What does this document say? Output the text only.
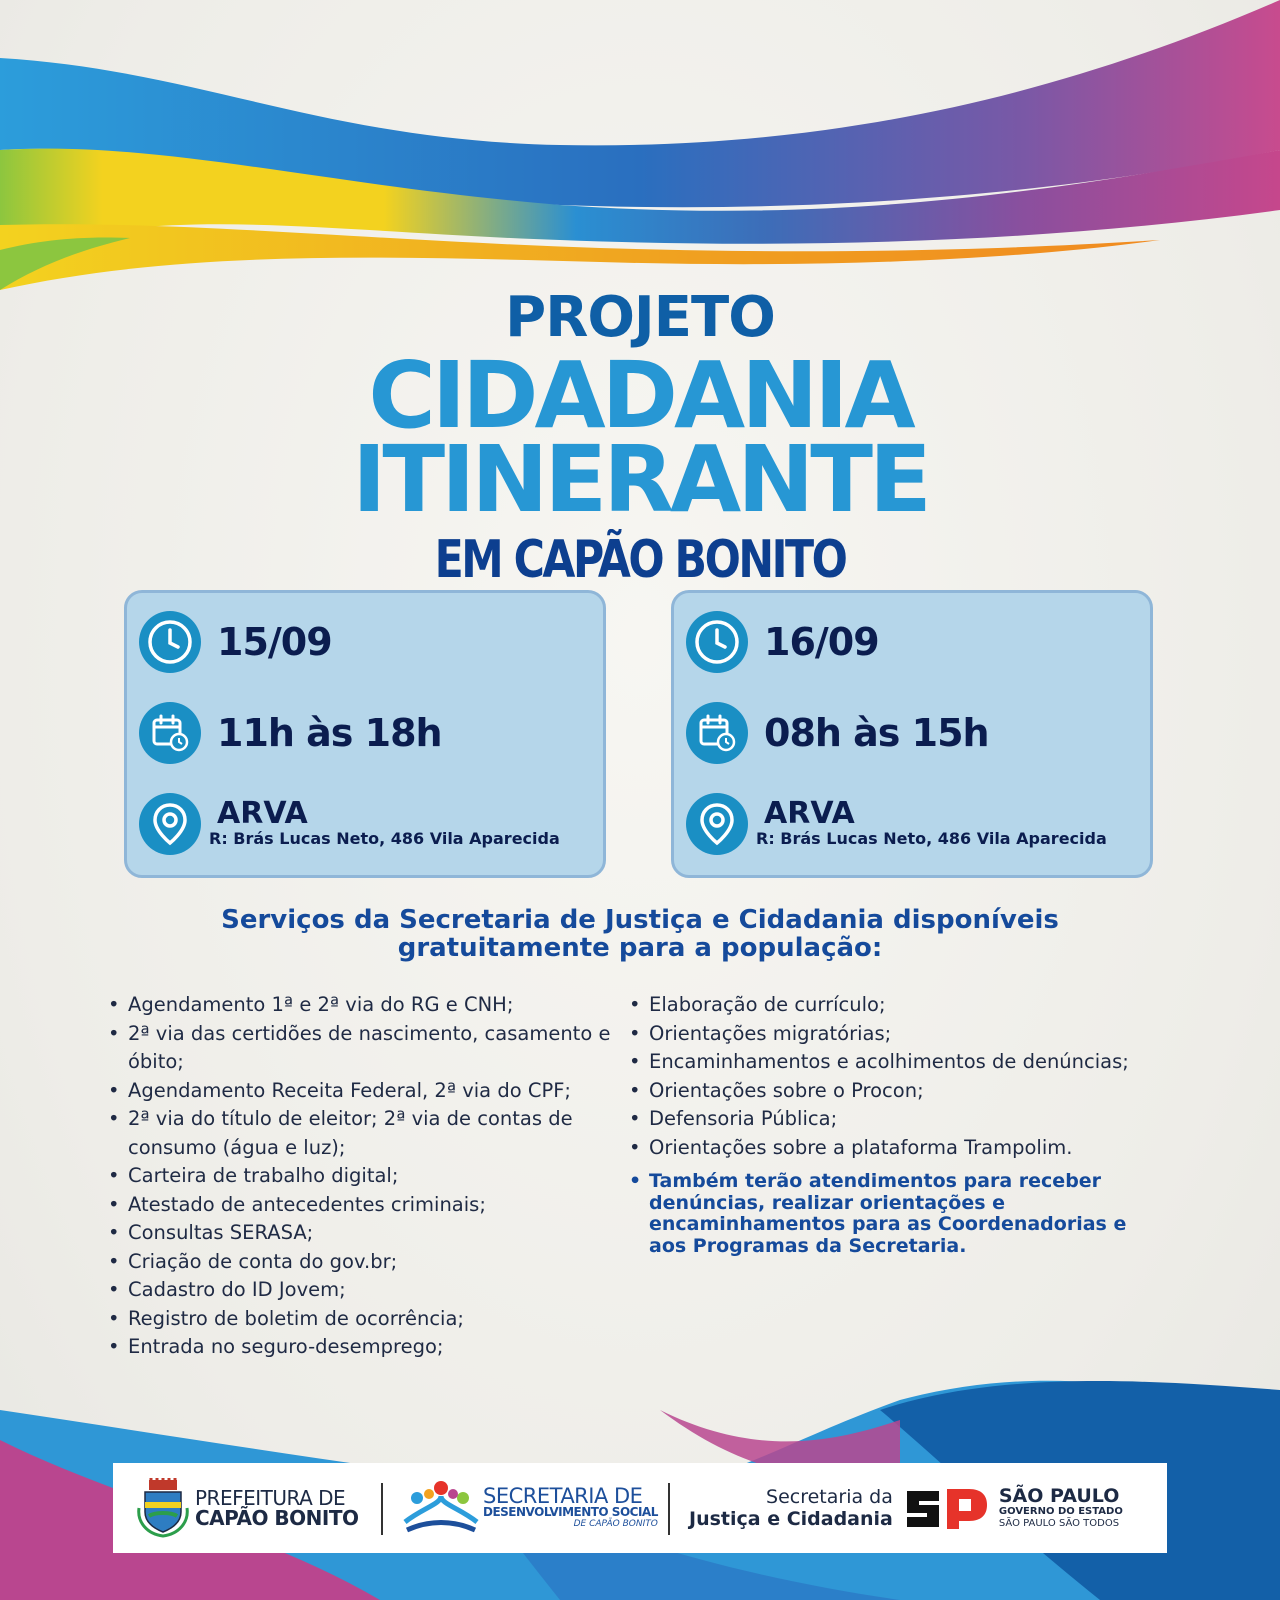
PROJETO
CIDADANIA
ITINERANTE
EM CAPÃO BONITO
15/09
11h às 18h
ARVA
R: Brás Lucas Neto, 486 Vila Aparecida
16/09
08h às 15h
ARVA
R: Brás Lucas Neto, 486 Vila Aparecida
Serviços da Secretaria de Justiça e Cidadania disponíveis
gratuitamente para a população:
• Agendamento 1ª e 2ª via do RG e CNH;
• 2ª via das certidões de nascimento, casamento e óbito;
• Agendamento Receita Federal, 2ª via do CPF;
• 2ª via do título de eleitor; 2ª via de contas de consumo (água e luz);
• Carteira de trabalho digital;
• Atestado de antecedentes criminais;
• Consultas SERASA;
• Criação de conta do gov.br;
• Cadastro do ID Jovem;
• Registro de boletim de ocorrência;
• Entrada no seguro-desemprego;
• Elaboração de currículo;
• Orientações migratórias;
• Encaminhamentos e acolhimentos de denúncias;
• Orientações sobre o Procon;
• Defensoria Pública;
• Orientações sobre a plataforma Trampolim.
• Também terão atendimentos para receber denúncias, realizar orientações e encaminhamentos para as Coordenadorias e aos Programas da Secretaria.
PREFEITURA DE
CAPÃO BONITO
SECRETARIA DE
DESENVOLVIMENTO SOCIAL
DE CAPÃO BONITO
Secretaria da
Justiça e Cidadania
SÃO PAULO
GOVERNO DO ESTADO
SÃO PAULO SÃO TODOS
